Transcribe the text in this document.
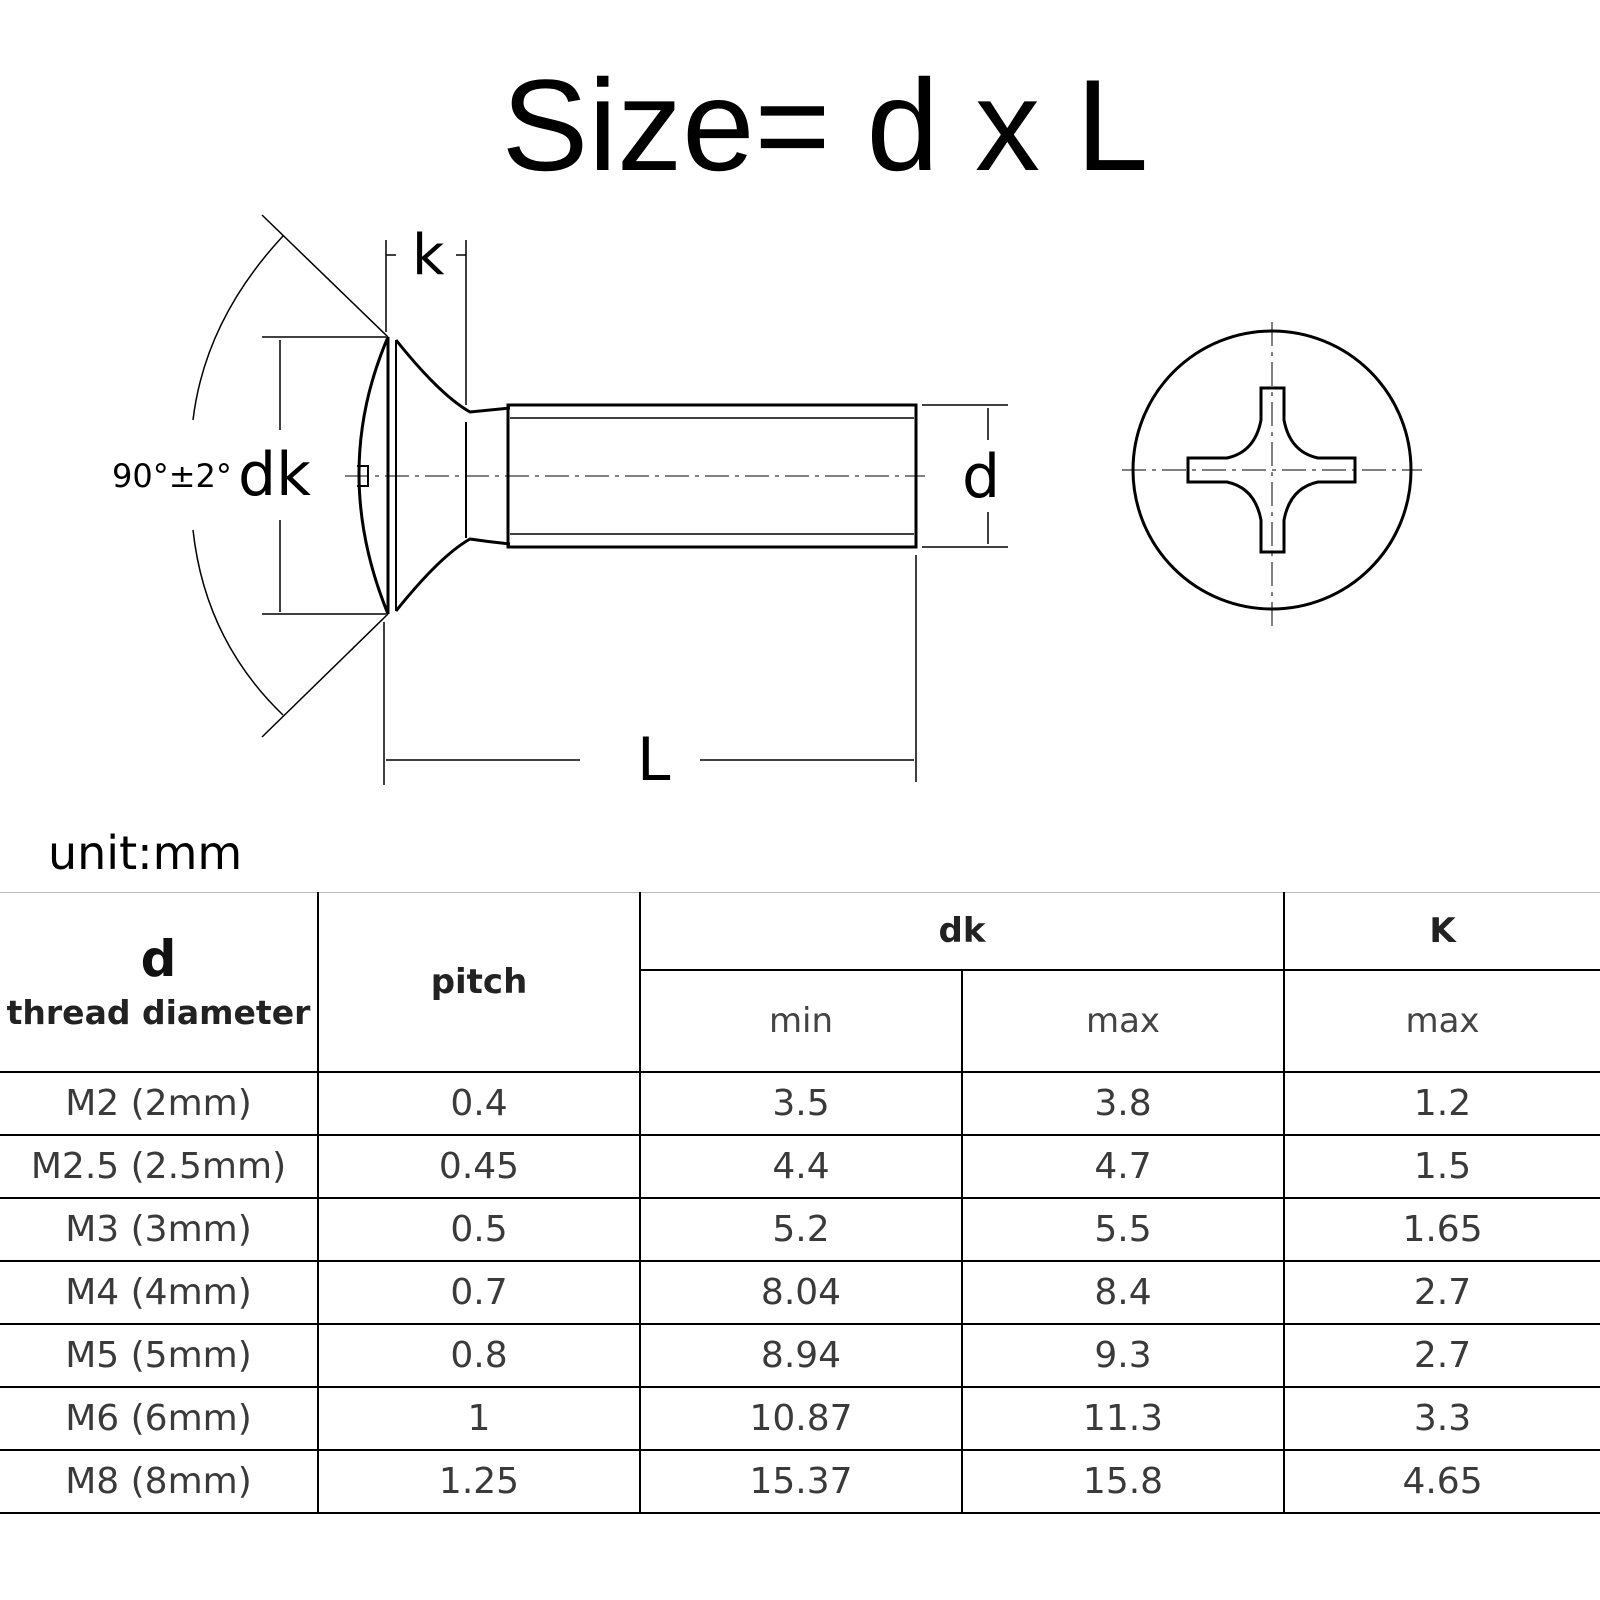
Size= d x L
k
dk
90°±2°	d
L
unit:mm
d
thread diameter	pitch	dk		K
		min	max	max
M2 (2mm)	0.4	3.5	3.8	1.2
M2.5 (2.5mm)	0.45	4.4	4.7	1.5
M3 (3mm)	0.5	5.2	5.5	1.65
M4 (4mm)	0.7	8.04	8.4	2.7
M5 (5mm)	0.8	8.94	9.3	2.7
M6 (6mm)	1	10.87	11.3	3.3
M8 (8mm)	1.25	15.37	15.8	4.65
